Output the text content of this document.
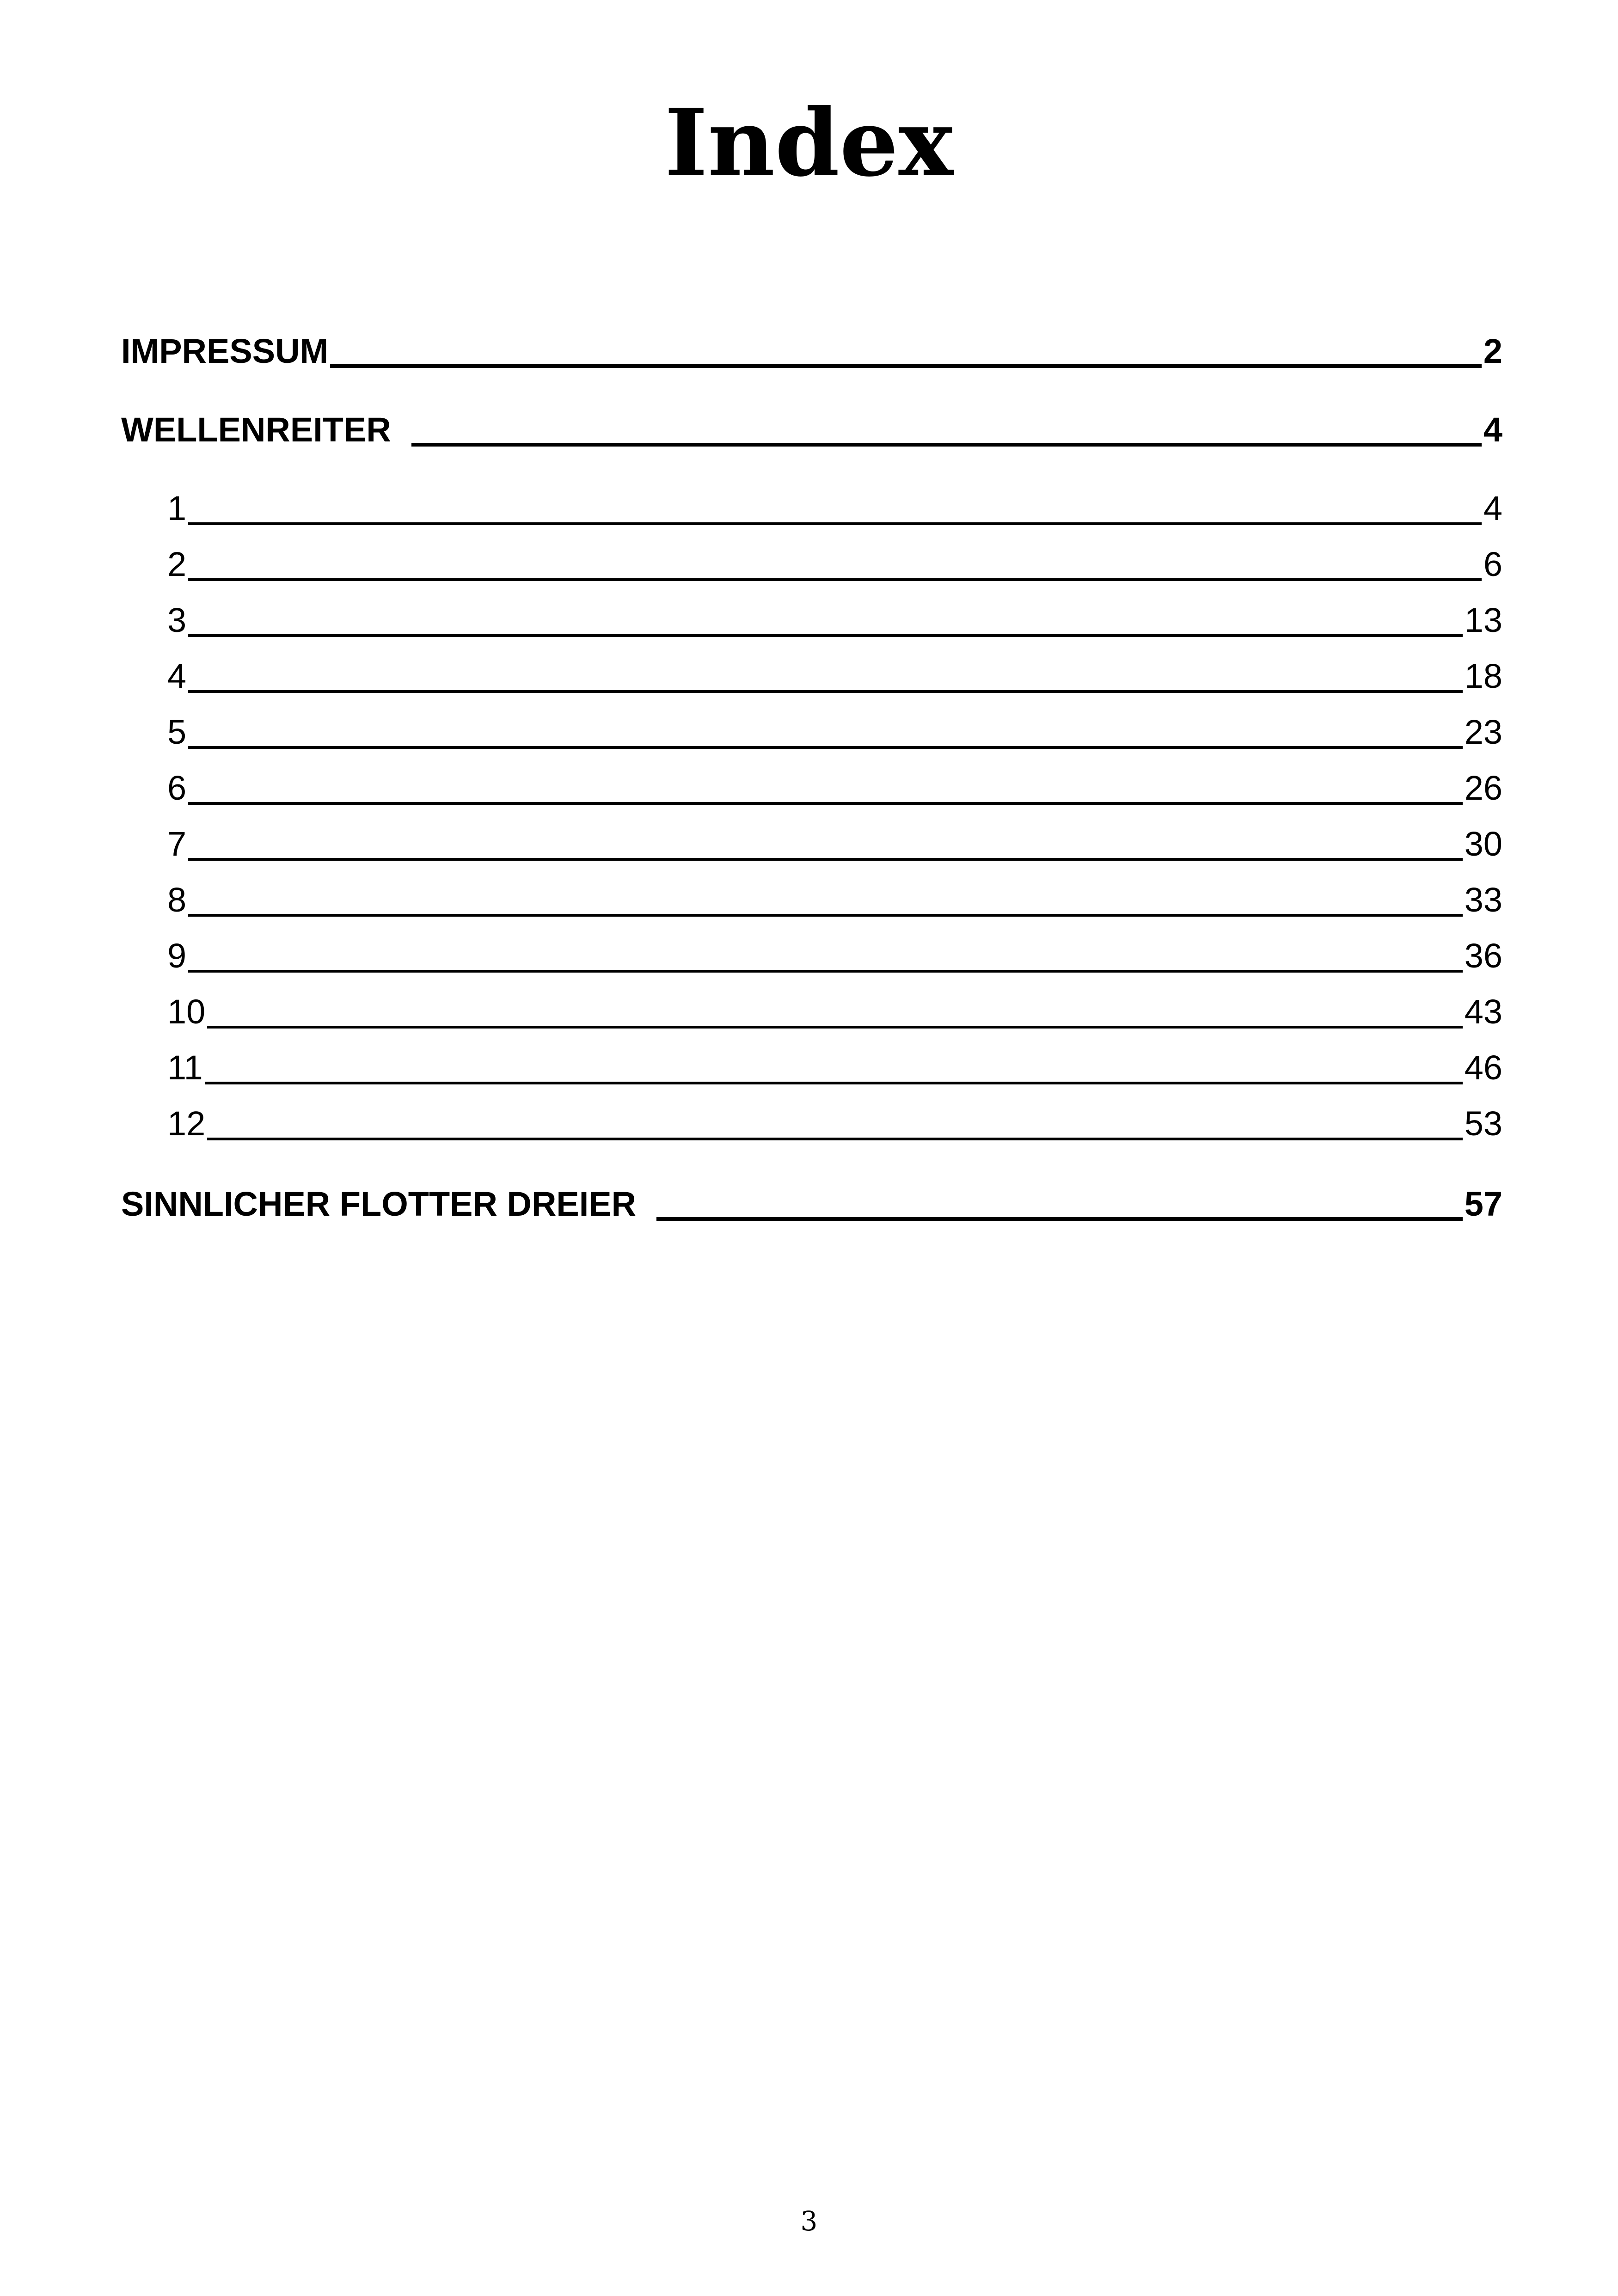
Index
IMPRESSUM	2
WELLENREITER	4
1	4
2	6
3	13
4	18
5	23
6	26
7	30
8	33
9	36
10	43
11	46
12	53
SINNLICHER FLOTTER DREIER	57
3
